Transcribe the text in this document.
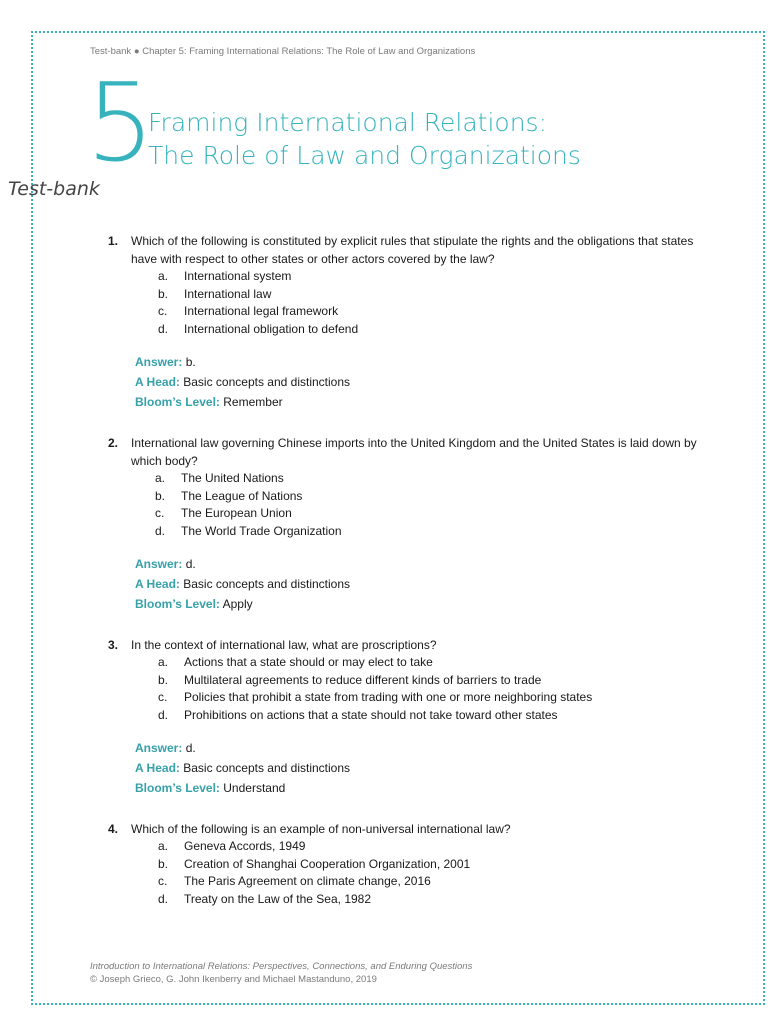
Test-bank ● Chapter 5: Framing International Relations: The Role of Law and Organizations
5
Framing International Relations:
The Role of Law and Organizations
Test-bank
1. Which of the following is constituted by explicit rules that stipulate the rights and the obligations that states have with respect to other states or other actors covered by the law?
a. International system
b. International law
c. International legal framework
d. International obligation to defend
Answer: b.
A Head: Basic concepts and distinctions
Bloom’s Level: Remember
2. International law governing Chinese imports into the United Kingdom and the United States is laid down by which body?
a. The United Nations
b. The League of Nations
c. The European Union
d. The World Trade Organization
Answer: d.
A Head: Basic concepts and distinctions
Bloom’s Level: Apply
3. In the context of international law, what are proscriptions?
a. Actions that a state should or may elect to take
b. Multilateral agreements to reduce different kinds of barriers to trade
c. Policies that prohibit a state from trading with one or more neighboring states
d. Prohibitions on actions that a state should not take toward other states
Answer: d.
A Head: Basic concepts and distinctions
Bloom’s Level: Understand
4. Which of the following is an example of non-universal international law?
a. Geneva Accords, 1949
b. Creation of Shanghai Cooperation Organization, 2001
c. The Paris Agreement on climate change, 2016
d. Treaty on the Law of the Sea, 1982
Introduction to International Relations: Perspectives, Connections, and Enduring Questions
© Joseph Grieco, G. John Ikenberry and Michael Mastanduno, 2019
